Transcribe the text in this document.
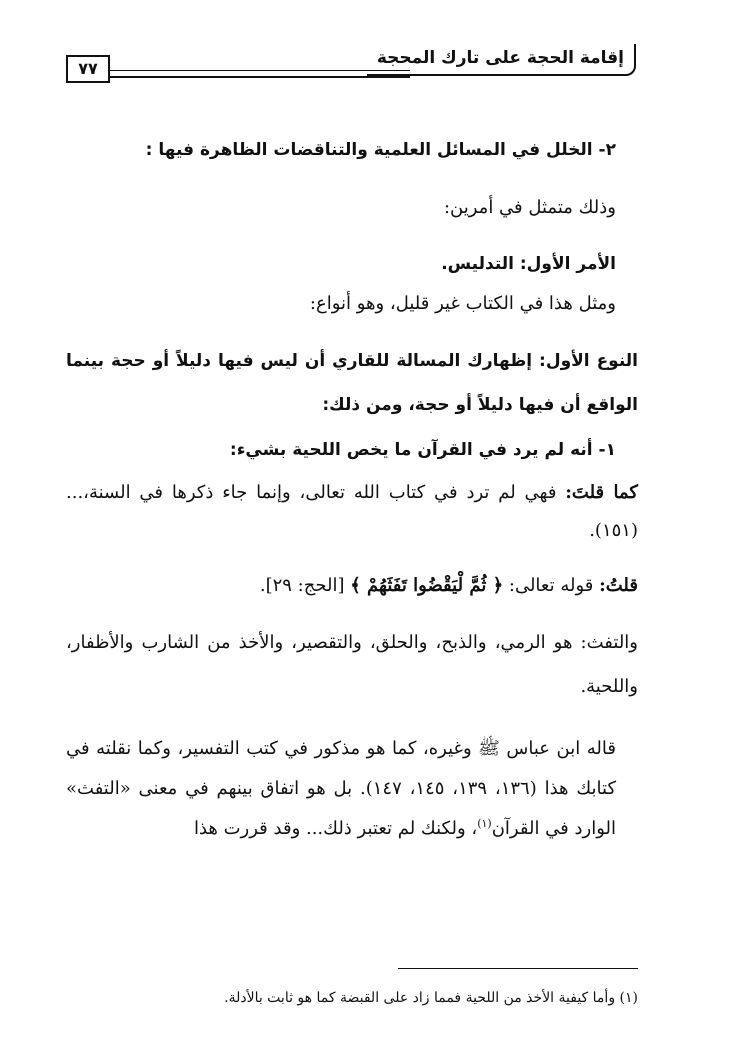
إقامة الحجة على تارك المحجة
٧٧

٢- الخلل في المسائل العلمية والتناقضات الظاهرة فيها :

وذلك متمثل في أمرين:

الأمر الأول: التدليس.

ومثل هذا في الكتاب غير قليل، وهو أنواع:

النوع الأول: إظهارك المسالة للقاري أن ليس فيها دليلاً أو حجة بينما الواقع أن فيها دليلاً أو حجة، ومن ذلك:

١- أنه لم يرد في القرآن ما يخص اللحية بشيء:

كما قلتَ: فهي لم ترد في كتاب الله تعالى، وإنما جاء ذكرها في السنة،... (١٥١).

قلتُ: قوله تعالى: ﴿ ثُمَّ لْيَقْضُوا تَفَثَهُمْ ﴾ [الحج: ٢٩].

والتفث: هو الرمي، والذبح، والحلق، والتقصير، والأخذ من الشارب والأظفار، واللحية.

قاله ابن عباس ﷺ وغيره، كما هو مذكور في كتب التفسير، وكما نقلته في كتابك هذا (١٣٦، ١٣٩، ١٤٥، ١٤٧). بل هو اتفاق بينهم في معنى «التفث» الوارد في القرآن$^{(١)}$، ولكنك لم تعتبر ذلك... وقد قررت هذا

(١) وأما كيفية الأخذ من اللحية فمما زاد على القبضة كما هو ثابت بالأدلة.
